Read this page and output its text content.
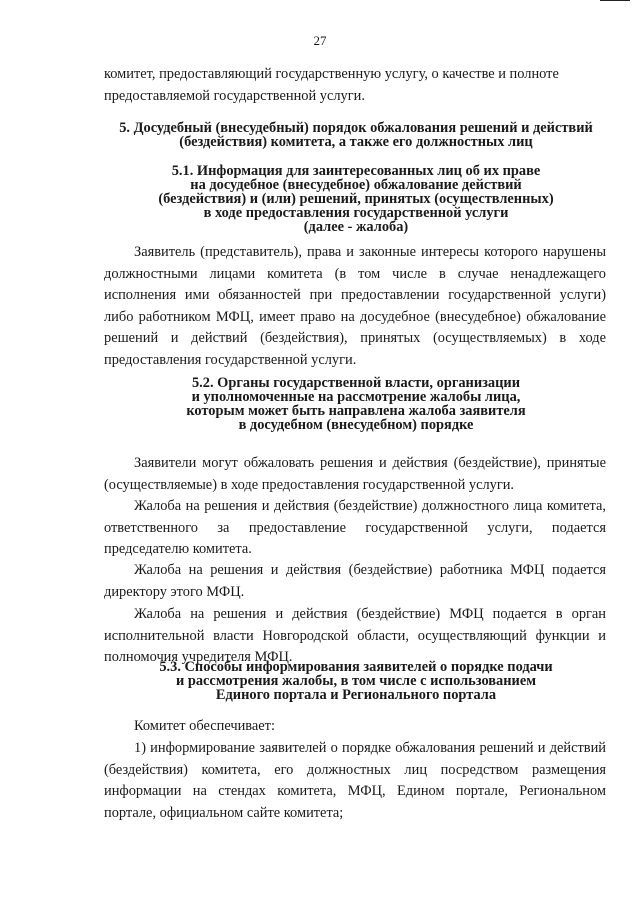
27

комитет, предоставляющий государственную услугу, о качестве и полноте
предоставляемой государственной услуги.

5. Досудебный (внесудебный) порядок обжалования решений и действий
(бездействия) комитета, а также его должностных лиц
5.1. Информация для заинтересованных лиц об их праве
на досудебное (внесудебное) обжалование действий
(бездействия) и (или) решений, принятых (осуществленных)
в ходе предоставления государственной услуги
(далее - жалоба)

Заявитель (представитель), права и законные интересы которого нарушены должностными лицами комитета (в том числе в случае ненадлежащего исполнения ими обязанностей при предоставлении государственной услуги) либо работником МФЦ, имеет право на досудебное (внесудебное) обжалование решений и действий (бездействия), принятых (осуществляемых) в ходе предоставления государственной услуги.

5.2. Органы государственной власти, организации
и уполномоченные на рассмотрение жалобы лица,
которым может быть направлена жалоба заявителя
в досудебном (внесудебном) порядке

Заявители могут обжаловать решения и действия (бездействие), принятые (осуществляемые) в ходе предоставления государственной услуги.

Жалоба на решения и действия (бездействие) должностного лица комитета, ответственного за предоставление государственной услуги, подается председателю комитета.

Жалоба на решения и действия (бездействие) работника МФЦ подается директору этого МФЦ.

Жалоба на решения и действия (бездействие) МФЦ подается в орган исполнительной власти Новгородской области, осуществляющий функции и полномочия учредителя МФЦ.

5.3. Способы информирования заявителей о порядке подачи
и рассмотрения жалобы, в том числе с использованием
Единого портала и Регионального портала

Комитет обеспечивает:

1) информирование заявителей о порядке обжалования решений и действий (бездействия) комитета, его должностных лиц посредством размещения информации на стендах комитета, МФЦ, Едином портале, Региональном портале, официальном сайте комитета;
